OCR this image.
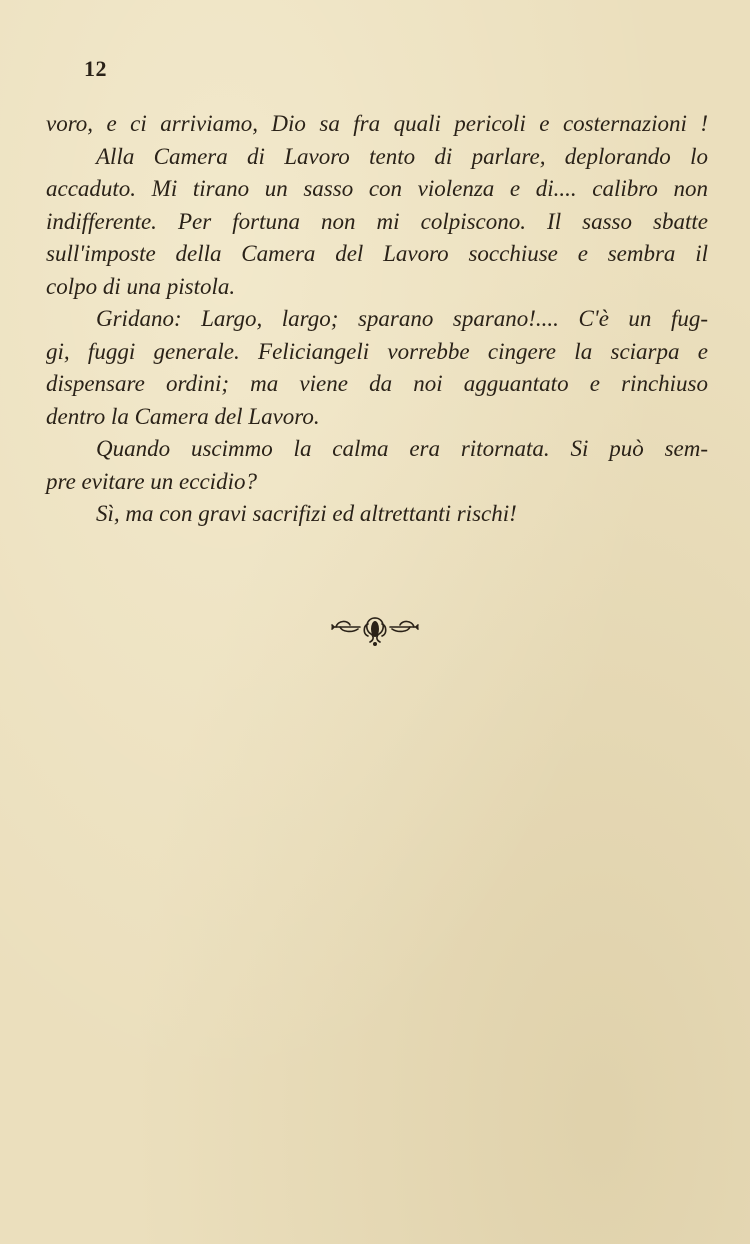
12
voro, e ci arriviamo, Dio sa fra quali pericoli e costernazioni !
Alla Camera di Lavoro tento di parlare, deplorando lo
accaduto. Mi tirano un sasso con violenza e di.... calibro non
indifferente. Per fortuna non mi colpiscono. Il sasso sbatte
sull'imposte della Camera del Lavoro socchiuse e sembra il
colpo di una pistola.
Gridano: Largo, largo; sparano sparano!.... C'è un fug-
gi, fuggi generale. Feliciangeli vorrebbe cingere la sciarpa e
dispensare ordini; ma viene da noi agguantato e rinchiuso
dentro la Camera del Lavoro.
Quando uscimmo la calma era ritornata. Si può sem-
pre evitare un eccidio?
Sì, ma con gravi sacrifizi ed altrettanti rischi!
